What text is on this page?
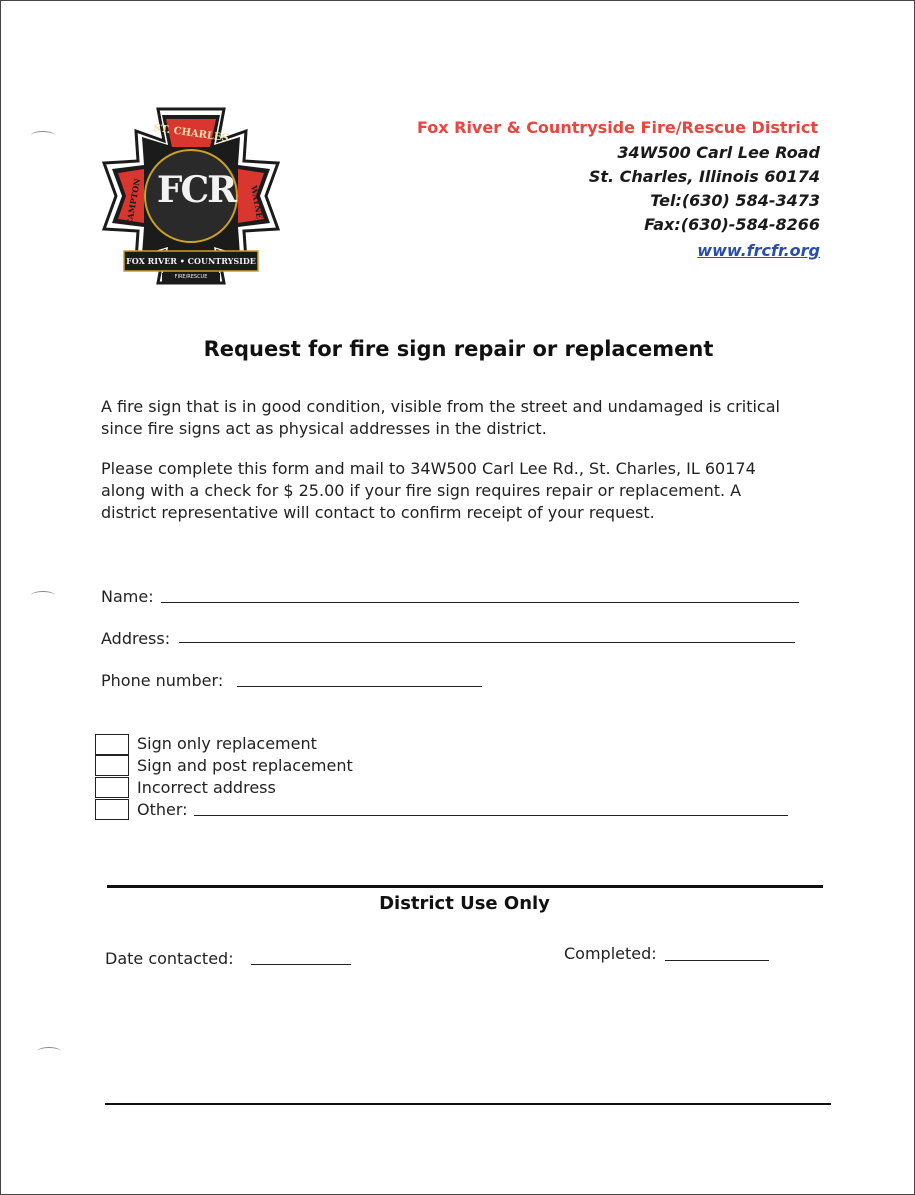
ST. CHARLES
CAMPTON	WAYNE
FCR
FOX RIVER • COUNTRYSIDE
FIRE/RESCUE
Fox River & Countryside Fire/Rescue District
34W500 Carl Lee Road
St. Charles, Illinois 60174
Tel:(630) 584-3473
Fax:(630)-584-8266
www.frcfr.org
Request for fire sign repair or replacement
A fire sign that is in good condition, visible from the street and undamaged is critical since fire signs act as physical addresses in the district.
Please complete this form and mail to 34W500 Carl Lee Rd., St. Charles, IL 60174 along with a check for $ 25.00 if your fire sign requires repair or replacement. A district representative will contact to confirm receipt of your request.
Name:
Address:
Phone number:
Sign only replacement
Sign and post replacement
Incorrect address
Other:
District Use Only
Date contacted:	Completed:
